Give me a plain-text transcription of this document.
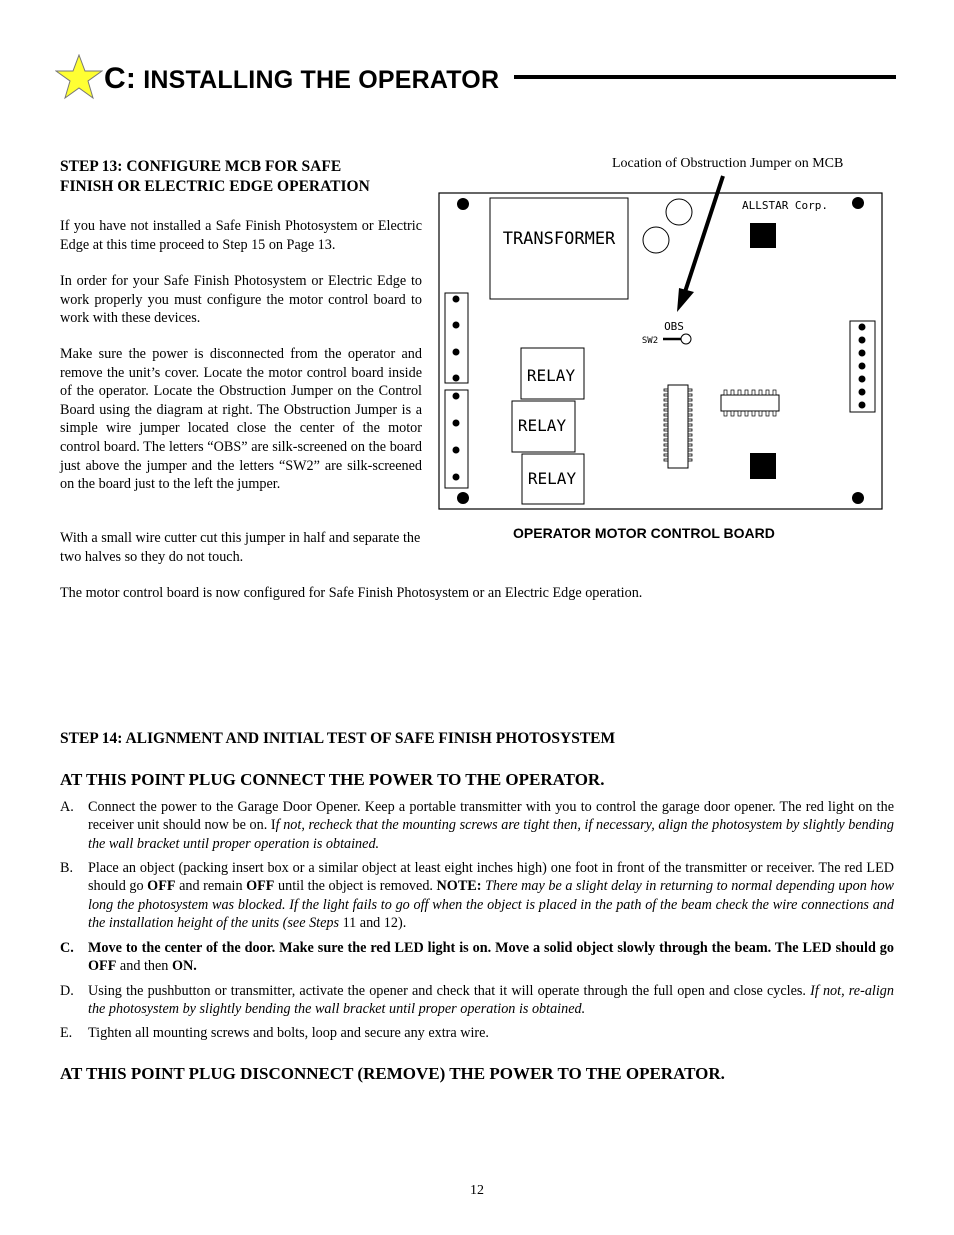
C: INSTALLING THE OPERATOR
STEP 13: CONFIGURE MCB FOR SAFE
FINISH OR ELECTRIC EDGE OPERATION
If you have not installed a Safe Finish Photosystem or Electric Edge at this time proceed to Step 15 on Page 13.
In order for your Safe Finish Photosystem or Electric Edge to work properly you must configure the motor control board to work with these devices.
Make sure the power is disconnected from the operator and remove the unit’s cover. Locate the motor control board inside of the operator. Locate the Obstruction Jumper on the Control Board using the diagram at right. The Obstruction Jumper is a simple wire jumper located close the center of the motor control board. The letters “OBS” are silk-screened on the board just above the jumper and the letters “SW2” are silk-screened on the board just to the left the jumper.
With a small wire cutter cut this jumper in half and separate the two halves so they do not touch.
The motor control board is now configured for Safe Finish Photosystem or an Electric Edge operation.
Location of Obstruction Jumper on MCB
TRANSFORMER
ALLSTAR Corp.
RELAY
RELAY
RELAY
OBS
SW2
OPERATOR MOTOR CONTROL BOARD
STEP 14: ALIGNMENT AND INITIAL TEST OF SAFE FINISH PHOTOSYSTEM
AT THIS POINT PLUG CONNECT THE POWER TO THE OPERATOR.
A. Connect the power to the Garage Door Opener. Keep a portable transmitter with you to control the garage door opener. The red light on the receiver unit should now be on. If not, recheck that the mounting screws are tight then, if necessary, align the photosystem by slightly bending the wall bracket until proper operation is obtained.
B. Place an object (packing insert box or a similar object at least eight inches high) one foot in front of the transmitter or receiver. The red LED should go OFF and remain OFF until the object is removed. NOTE: There may be a slight delay in returning to normal depending upon how long the photosystem was blocked. If the light fails to go off when the object is placed in the path of the beam check the wire connections and the installation height of the units (see Steps 11 and 12).
C. Move to the center of the door. Make sure the red LED light is on. Move a solid object slowly through the beam. The LED should go OFF and then ON.
D. Using the pushbutton or transmitter, activate the opener and check that it will operate through the full open and close cycles. If not, re-align the photosystem by slightly bending the wall bracket until proper operation is obtained.
E. Tighten all mounting screws and bolts, loop and secure any extra wire.
AT THIS POINT PLUG DISCONNECT (REMOVE) THE POWER TO THE OPERATOR.
12
